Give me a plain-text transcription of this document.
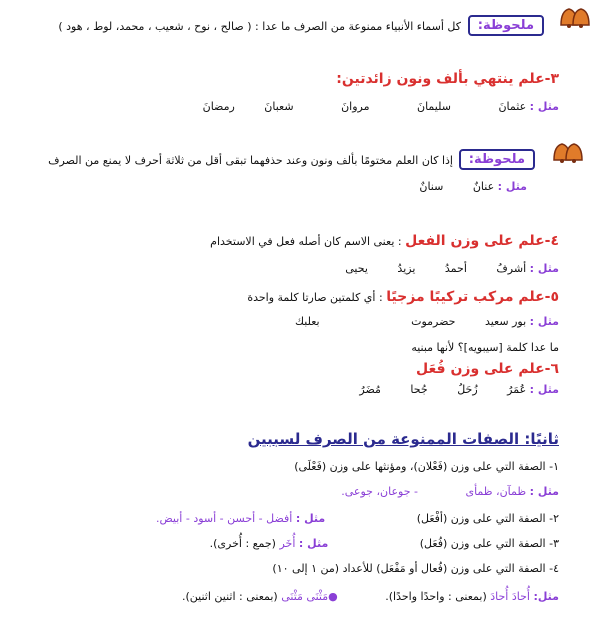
ملحوظة:
كل أسماء الأنبياء ممنوعة من الصرف ما عدا : ( صالح ، نوح ، شعيب ، محمد، لوط ، هود )
٣-علم ينتهي بألف ونون زائدتين:
مثل : عثمانَ سليمانَ مروانَ شعبانَ رمضانَ
ملحوظة:
إذا كان العلم مختومًا بألف ونون وعند حذفهما تبقى أقل من ثلاثة أحرف لا يمنع من الصرف
مثل : عنانٌ سنانٌ
٤-علم على وزن الفعل : يعنى الاسم كان أصله فعل في الاستخدام
مثل : أشرفُ أحمدُ يزيدُ يحيى
٥-علم مركب تركيبًا مزجيًا : أي كلمتين صارتا كلمة واحدة
مثل : بور سعيد حضرموت بعلبك
ما عدا كلمة [سيبويه]؟ لأنها مبنيه
٦-علم على وزن فُعَل
مثل : عُمَرُ زُحَلُ جُحا مُضَرُ
ثانيًا: الصفات الممنوعة من الصرف لسببين
١- الصفة التي على وزن (فَعْلان)، ومؤنثها على وزن (فَعْلَى)
مثل : ظمآن، ظمأى - جوعان، جوعى.
٢- الصفة التي على وزن (أفْعَل) مثل : أفضل - أحسن - أسود - أبيض.
٣- الصفة التي على وزن (فُعَل) مثل : أُخَر (جمع : أُخرى).
٤- الصفة التي على وزن (فُعال أو مَفْعَل) للأعداد (من ١ إلى ١٠)
مثل: أُحادَ أُحادَ (بمعنى : واحدًا واحدًا). ●مَثْنَى مَثْنَى (بمعنى : اثنين اثنين).
